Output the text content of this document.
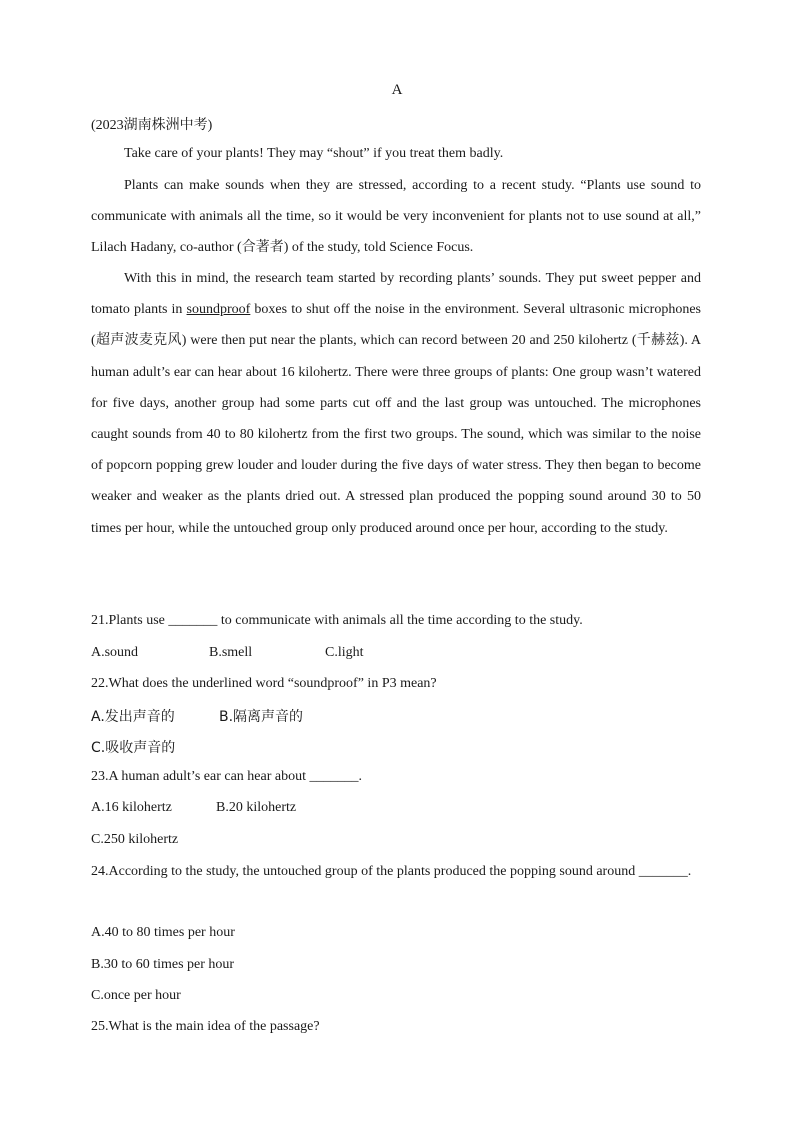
A
(2023湖南株洲中考)
Take care of your plants! They may “shout” if you treat them badly.
Plants can make sounds when they are stressed, according to a recent study. “Plants use sound to communicate with animals all the time, so it would be very inconvenient for plants not to use sound at all,” Lilach Hadany, co-author (合著者) of the study, told Science Focus.
With this in mind, the research team started by recording plants’ sounds. They put sweet pepper and tomato plants in soundproof boxes to shut off the noise in the environment. Several ultrasonic microphones (超声波麦克风) were then put near the plants, which can record between 20 and 250 kilohertz (千赫兹). A human adult’s ear can hear about 16 kilohertz. There were three groups of plants: One group wasn’t watered for five days, another group had some parts cut off and the last group was untouched. The microphones caught sounds from 40 to 80 kilohertz from the first two groups. The sound, which was similar to the noise of popcorn popping grew louder and louder during the five days of water stress. They then began to become weaker and weaker as the plants dried out. A stressed plan produced the popping sound around 30 to 50 times per hour, while the untouched group only produced around once per hour, according to the study.
21.Plants use _______ to communicate with animals all the time according to the study.
A.sound	B.smell	C.light
22.What does the underlined word “soundproof” in P3 mean?
A.发出声音的	B.隔离声音的
C.吸收声音的
23.A human adult’s ear can hear about _______.
A.16 kilohertz	B.20 kilohertz
C.250 kilohertz
24.According to the study, the untouched group of the plants produced the popping sound around _______.
A.40 to 80 times per hour
B.30 to 60 times per hour
C.once per hour
25.What is the main idea of the passage?
